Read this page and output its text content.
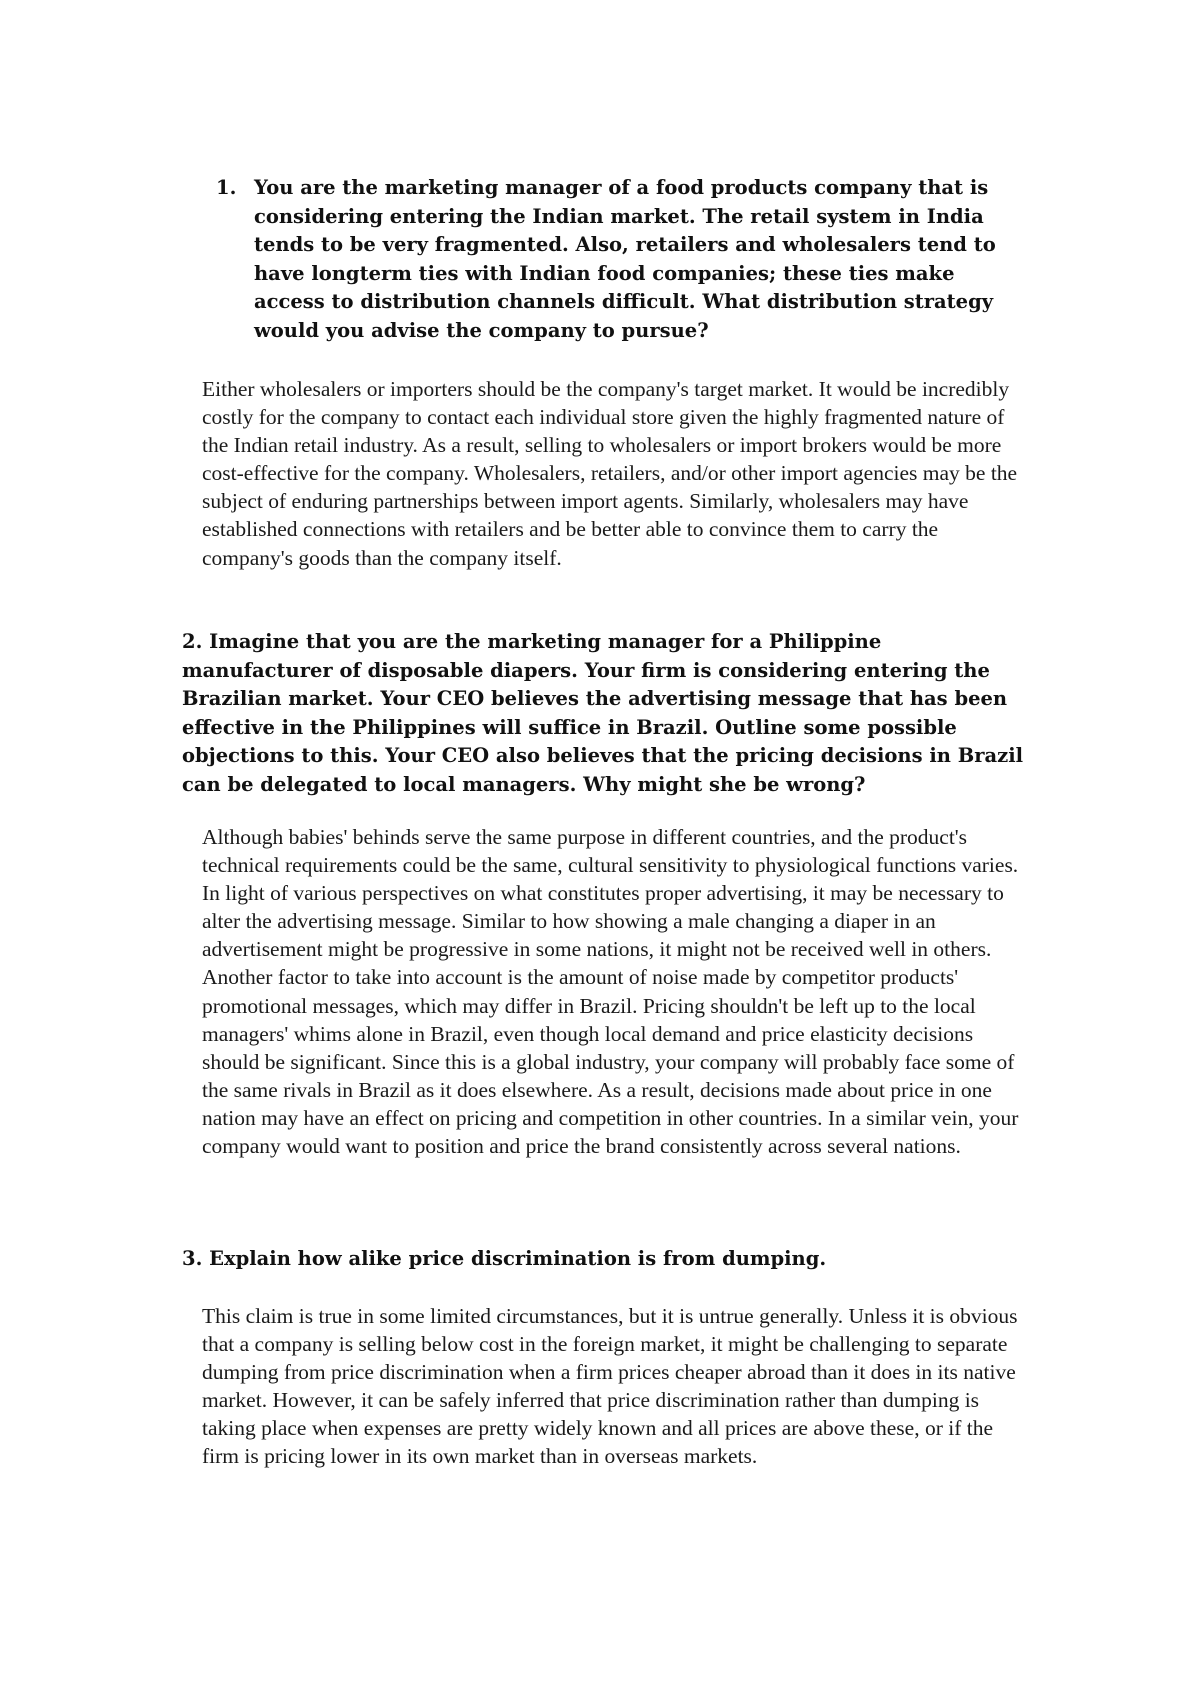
1. You are the marketing manager of a food products company that is considering entering the Indian market. The retail system in India tends to be very fragmented. Also, retailers and wholesalers tend to have longterm ties with Indian food companies; these ties make access to distribution channels difficult. What distribution strategy would you advise the company to pursue?
Either wholesalers or importers should be the company's target market. It would be incredibly costly for the company to contact each individual store given the highly fragmented nature of the Indian retail industry. As a result, selling to wholesalers or import brokers would be more cost-effective for the company. Wholesalers, retailers, and/or other import agencies may be the subject of enduring partnerships between import agents. Similarly, wholesalers may have established connections with retailers and be better able to convince them to carry the company's goods than the company itself.
2. Imagine that you are the marketing manager for a Philippine manufacturer of disposable diapers. Your firm is considering entering the Brazilian market. Your CEO believes the advertising message that has been effective in the Philippines will suffice in Brazil. Outline some possible objections to this. Your CEO also believes that the pricing decisions in Brazil can be delegated to local managers. Why might she be wrong?
Although babies' behinds serve the same purpose in different countries, and the product's technical requirements could be the same, cultural sensitivity to physiological functions varies. In light of various perspectives on what constitutes proper advertising, it may be necessary to alter the advertising message. Similar to how showing a male changing a diaper in an advertisement might be progressive in some nations, it might not be received well in others. Another factor to take into account is the amount of noise made by competitor products' promotional messages, which may differ in Brazil. Pricing shouldn't be left up to the local managers' whims alone in Brazil, even though local demand and price elasticity decisions should be significant. Since this is a global industry, your company will probably face some of the same rivals in Brazil as it does elsewhere. As a result, decisions made about price in one nation may have an effect on pricing and competition in other countries. In a similar vein, your company would want to position and price the brand consistently across several nations.
3. Explain how alike price discrimination is from dumping.
This claim is true in some limited circumstances, but it is untrue generally. Unless it is obvious that a company is selling below cost in the foreign market, it might be challenging to separate dumping from price discrimination when a firm prices cheaper abroad than it does in its native market. However, it can be safely inferred that price discrimination rather than dumping is taking place when expenses are pretty widely known and all prices are above these, or if the firm is pricing lower in its own market than in overseas markets.
